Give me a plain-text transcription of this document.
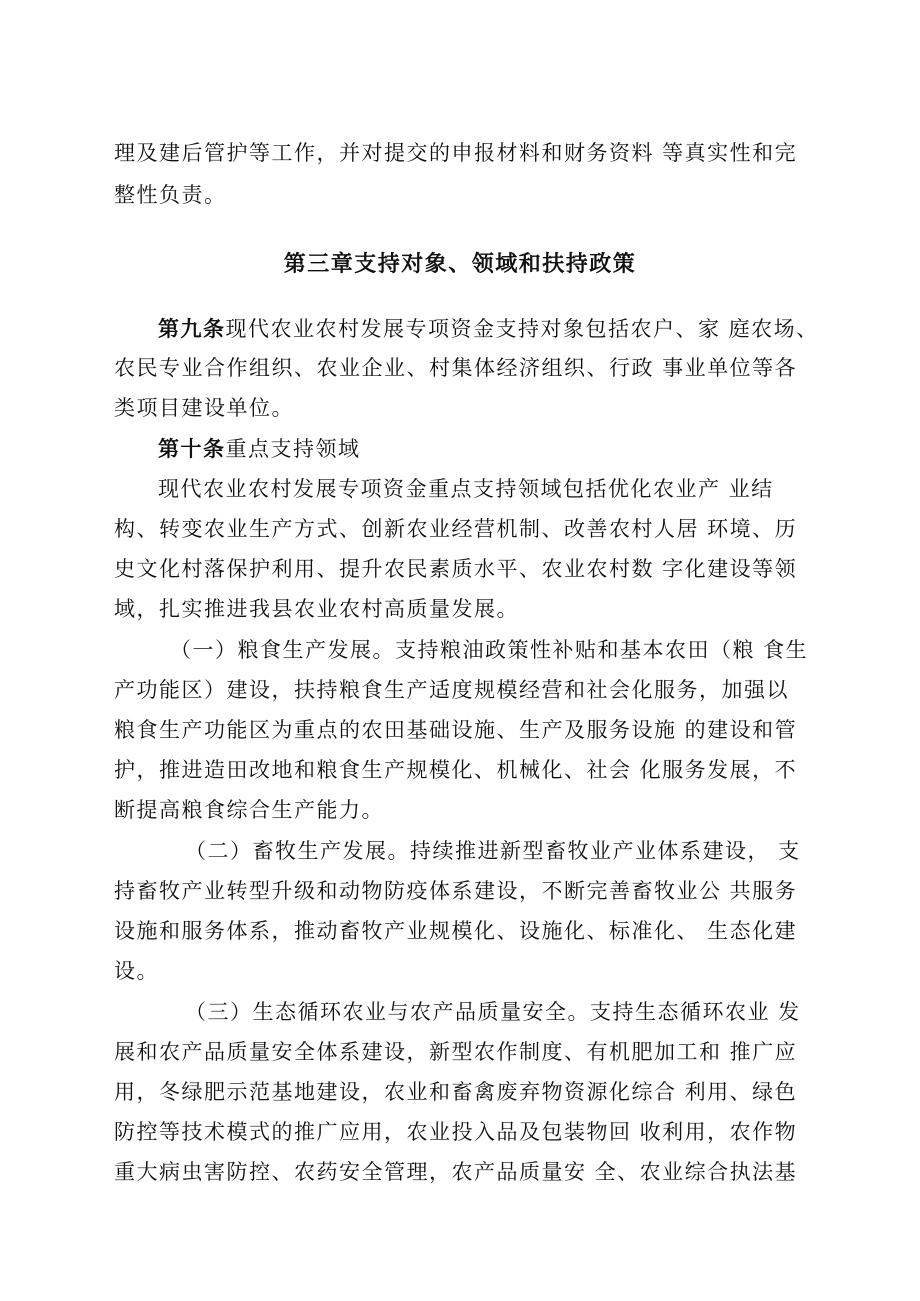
理及建后管护等工作，并对提交的申报材料和财务资料 等真实性和完
整性负责。
第三章支持对象、领域和扶持政策
第九条现代农业农村发展专项资金支持对象包括农户、家 庭农场、
农民专业合作组织、农业企业、村集体经济组织、行政 事业单位等各
类项目建设单位。
第十条重点支持领域
现代农业农村发展专项资金重点支持领域包括优化农业产 业结
构、转变农业生产方式、创新农业经营机制、改善农村人居 环境、历
史文化村落保护利用、提升农民素质水平、农业农村数 字化建设等领
域，扎实推进我县农业农村高质量发展。
（一）粮食生产发展。支持粮油政策性补贴和基本农田（粮 食生
产功能区）建设，扶持粮食生产适度规模经营和社会化服务，加强以
粮食生产功能区为重点的农田基础设施、生产及服务设施 的建设和管
护，推进造田改地和粮食生产规模化、机械化、社会 化服务发展，不
断提高粮食综合生产能力。
（二）畜牧生产发展。持续推进新型畜牧业产业体系建设， 支
持畜牧产业转型升级和动物防疫体系建设，不断完善畜牧业公 共服务
设施和服务体系，推动畜牧产业规模化、设施化、标准化、 生态化建
设。
（三）生态循环农业与农产品质量安全。支持生态循环农业 发
展和农产品质量安全体系建设，新型农作制度、有机肥加工和 推广应
用，冬绿肥示范基地建设，农业和畜禽废弃物资源化综合 利用、绿色
防控等技术模式的推广应用，农业投入品及包装物回 收利用，农作物
重大病虫害防控、农药安全管理，农产品质量安 全、农业综合执法基
